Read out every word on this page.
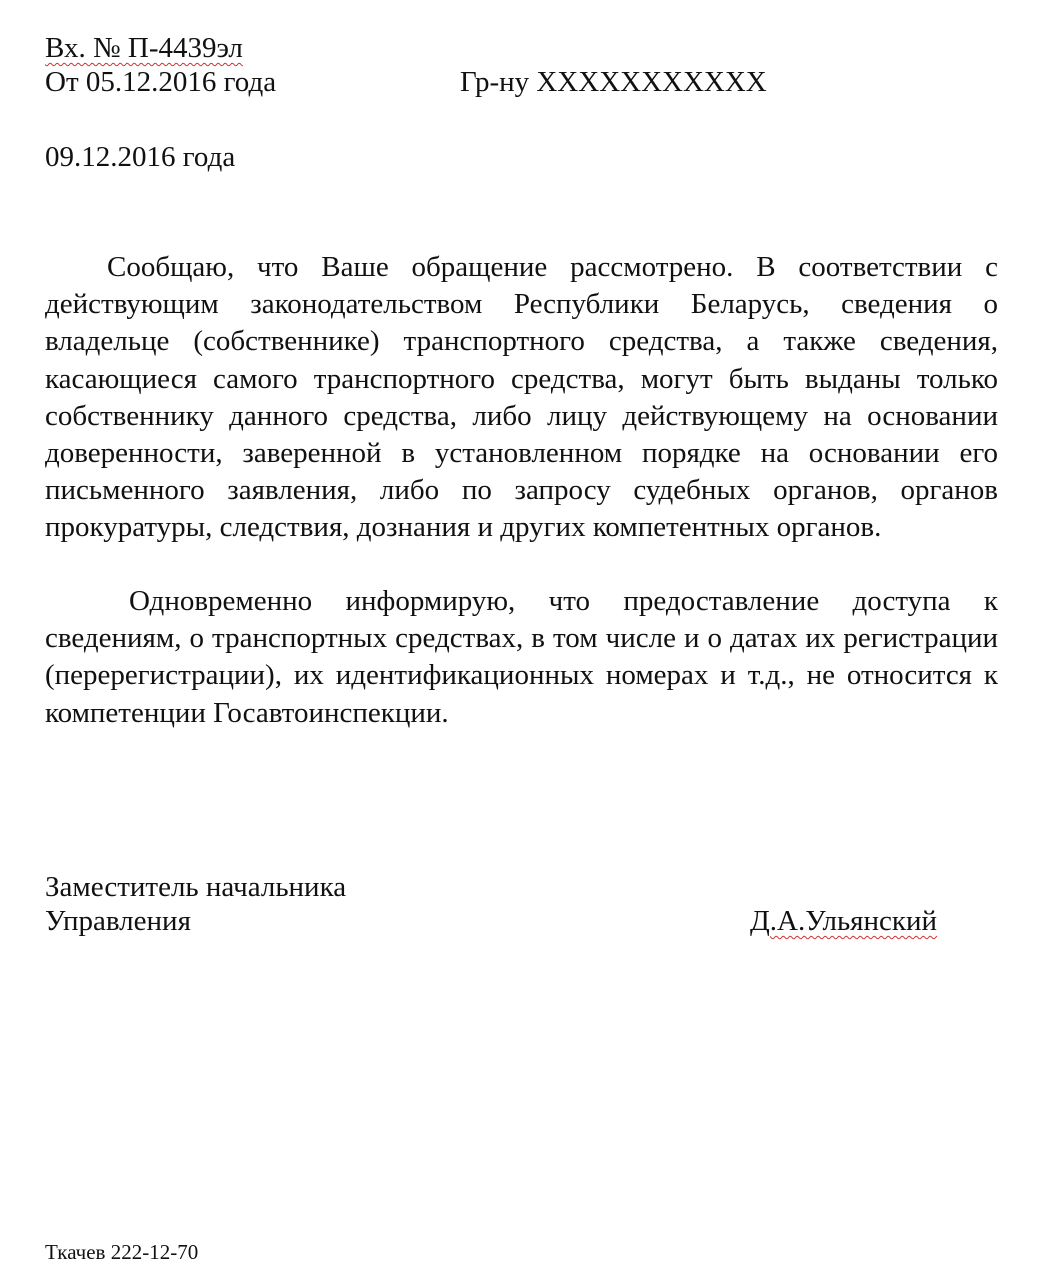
Вх. № П-4439эл
От 05.12.2016 года	Гр-ну ХХХХХХХХХХХ
09.12.2016 года

Сообщаю, что Ваше обращение рассмотрено. В соответствии с действующим законодательством Республики Беларусь, сведения о владельце (собственнике) транспортного средства, а также сведения, касающиеся самого транспортного средства, могут быть выданы только собственнику данного средства, либо лицу действующему на основании доверенности, заверенной в установленном порядке на основании его письменного заявления, либо по запросу судебных органов, органов прокуратуры, следствия, дознания и других компетентных органов.

Одновременно информирую, что предоставление доступа к сведениям, о транспортных средствах, в том числе и о датах их регистрации (перерегистрации), их идентификационных номерах и т.д., не относится к компетенции Госавтоинспекции.

Заместитель начальника
Управления	Д.А.Ульянский
Ткачев 222-12-70
